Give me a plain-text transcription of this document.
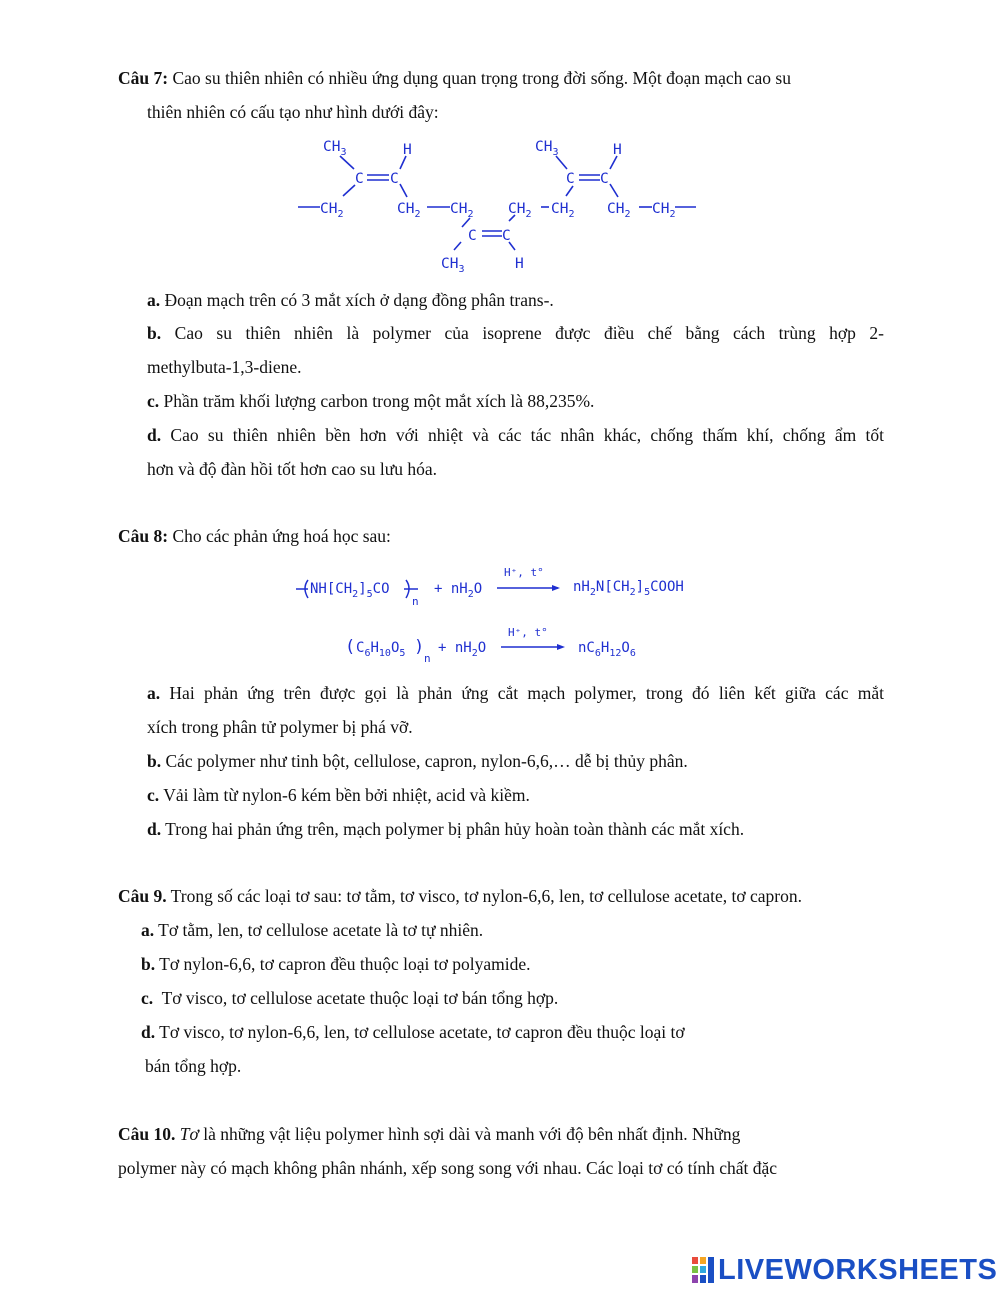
Câu 7: Cao su thiên nhiên có nhiều ứng dụng quan trọng trong đời sống. Một đoạn mạch cao su

thiên nhiên có cấu tạo như hình dưới đây:

$CH_3$	H
C C
$CH_2$	$CH_2$ $CH_2$
C C
$CH_3$	H
$CH_2$ $CH_2$
$CH_3$	H
C C
$CH_2$ $CH_2$

a. Đoạn mạch trên có 3 mắt xích ở dạng đồng phân trans-.

b. Cao su thiên nhiên là polymer của isoprene được điều chế bằng cách trùng hợp 2-

methylbuta-1,3-diene.

c. Phần trăm khối lượng carbon trong một mắt xích là 88,235%.

d. Cao su thiên nhiên bền hơn với nhiệt và các tác nhân khác, chống thấm khí, chống ẩm tốt

hơn và độ đàn hồi tốt hơn cao su lưu hóa.

Câu 8: Cho các phản ứng hoá học sau:

$NH[CH_2]_5CO$
n
+ $nH_2O$
H⁺, t°
$nH_2N[CH_2]_5COOH$
( $C_6H_{10}O_5$ )
n
+ $nH_2O$
H⁺, t°
$nC_6H_{12}O_6$

a. Hai phản ứng trên được gọi là phản ứng cắt mạch polymer, trong đó liên kết giữa các mắt

xích trong phân tử polymer bị phá vỡ.

b. Các polymer như tinh bột, cellulose, capron, nylon-6,6,… dễ bị thủy phân.

c. Vải làm từ nylon-6 kém bền bởi nhiệt, acid và kiềm.

d. Trong hai phản ứng trên, mạch polymer bị phân hủy hoàn toàn thành các mắt xích.

Câu 9. Trong số các loại tơ sau: tơ tằm, tơ visco, tơ nylon-6,6, len, tơ cellulose acetate, tơ capron.

a. Tơ tằm, len, tơ cellulose acetate là tơ tự nhiên.

b. Tơ nylon-6,6, tơ capron đều thuộc loại tơ polyamide.

c.  Tơ visco, tơ cellulose acetate thuộc loại tơ bán tổng hợp.

d. Tơ visco, tơ nylon-6,6, len, tơ cellulose acetate, tơ capron đều thuộc loại tơ

bán tổng hợp.

Câu 10. Tơ là những vật liệu polymer hình sợi dài và manh với độ bên nhất định. Những

polymer này có mạch không phân nhánh, xếp song song với nhau. Các loại tơ có tính chất đặc

LIVEWORKSHEETS
